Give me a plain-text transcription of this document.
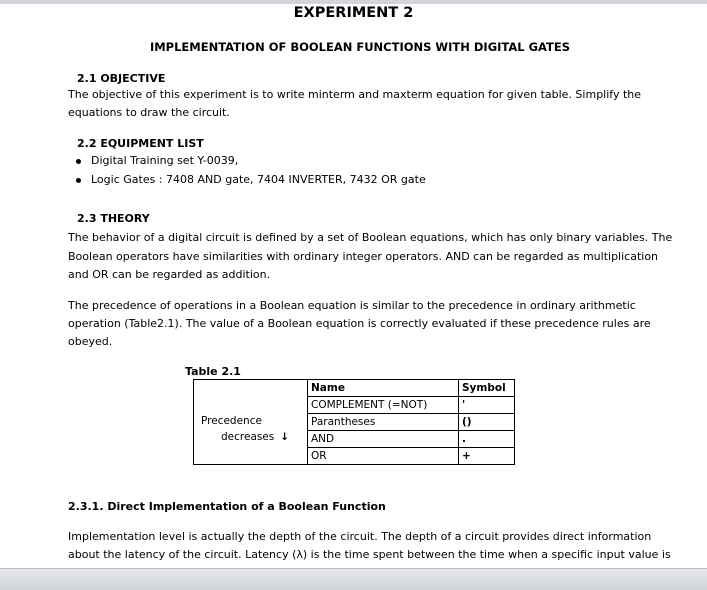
EXPERIMENT 2
IMPLEMENTATION OF BOOLEAN FUNCTIONS WITH DIGITAL GATES
2.1 OBJECTIVE
The objective of this experiment is to write minterm and maxterm equation for given table. Simplify the
equations to draw the circuit.
2.2 EQUIPMENT LIST
Digital Training set Y-0039,
Logic Gates : 7408 AND gate, 7404 INVERTER, 7432 OR gate
2.3 THEORY
The behavior of a digital circuit is defined by a set of Boolean equations, which has only binary variables. The
Boolean operators have similarities with ordinary integer operators. AND can be regarded as multiplication
and OR can be regarded as addition.
The precedence of operations in a Boolean equation is similar to the precedence in ordinary arithmetic
operation (Table2.1). The value of a Boolean equation is correctly evaluated if these precedence rules are
obeyed.
Table 2.1
Precedence
decreases ↓	Name	Symbol
	COMPLEMENT (=NOT)	'
	Parantheses	()
	AND	.
	OR	+
2.3.1. Direct Implementation of a Boolean Function
Implementation level is actually the depth of the circuit. The depth of a circuit provides direct information
about the latency of the circuit. Latency (λ) is the time spent between the time when a specific input value is
